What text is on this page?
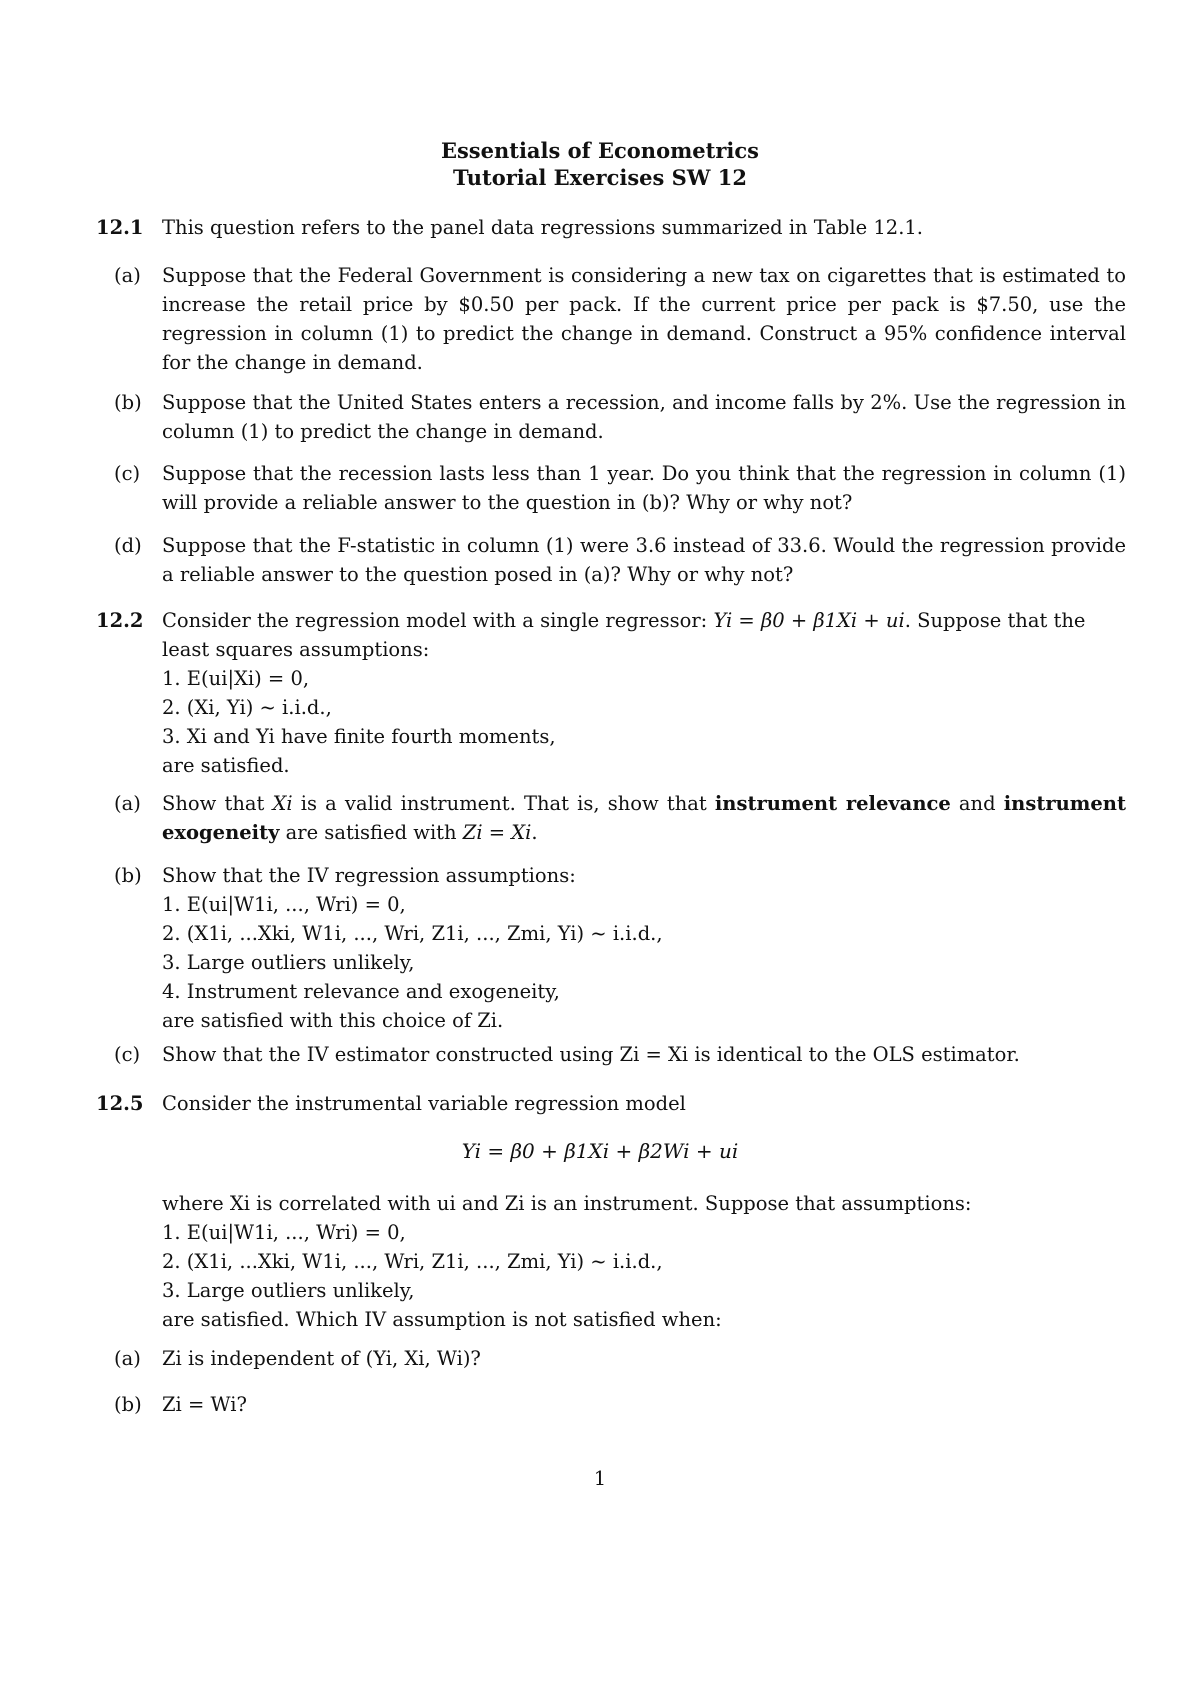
Essentials of Econometrics
Tutorial Exercises SW 12
12.1 This question refers to the panel data regressions summarized in Table 12.1.
(a) Suppose that the Federal Government is considering a new tax on cigarettes that is estimated to increase the retail price by $0.50 per pack. If the current price per pack is $7.50, use the regression in column (1) to predict the change in demand. Construct a 95% confidence interval for the change in demand.
(b) Suppose that the United States enters a recession, and income falls by 2%. Use the regression in column (1) to predict the change in demand.
(c) Suppose that the recession lasts less than 1 year. Do you think that the regression in column (1) will provide a reliable answer to the question in (b)? Why or why not?
(d) Suppose that the F-statistic in column (1) were 3.6 instead of 33.6. Would the regression provide a reliable answer to the question posed in (a)? Why or why not?
12.2 Consider the regression model with a single regressor: Yi = β0 + β1Xi + ui. Suppose that the least squares assumptions:
1. E(ui|Xi) = 0,
2. (Xi, Yi) ~ i.i.d.,
3. Xi and Yi have finite fourth moments,
are satisfied.
(a) Show that Xi is a valid instrument. That is, show that instrument relevance and instrument exogeneity are satisfied with Zi = Xi.
(b) Show that the IV regression assumptions:
1. E(ui|W1i, ..., Wri) = 0,
2. (X1i, ...Xki, W1i, ..., Wri, Z1i, ..., Zmi, Yi) ~ i.i.d.,
3. Large outliers unlikely,
4. Instrument relevance and exogeneity,
are satisfied with this choice of Zi.
(c) Show that the IV estimator constructed using Zi = Xi is identical to the OLS estimator.
12.5 Consider the instrumental variable regression model
Yi = β0 + β1Xi + β2Wi + ui
where Xi is correlated with ui and Zi is an instrument. Suppose that assumptions:
1. E(ui|W1i, ..., Wri) = 0,
2. (X1i, ...Xki, W1i, ..., Wri, Z1i, ..., Zmi, Yi) ~ i.i.d.,
3. Large outliers unlikely,
are satisfied. Which IV assumption is not satisfied when:
(a) Zi is independent of (Yi, Xi, Wi)?
(b) Zi = Wi?
1
